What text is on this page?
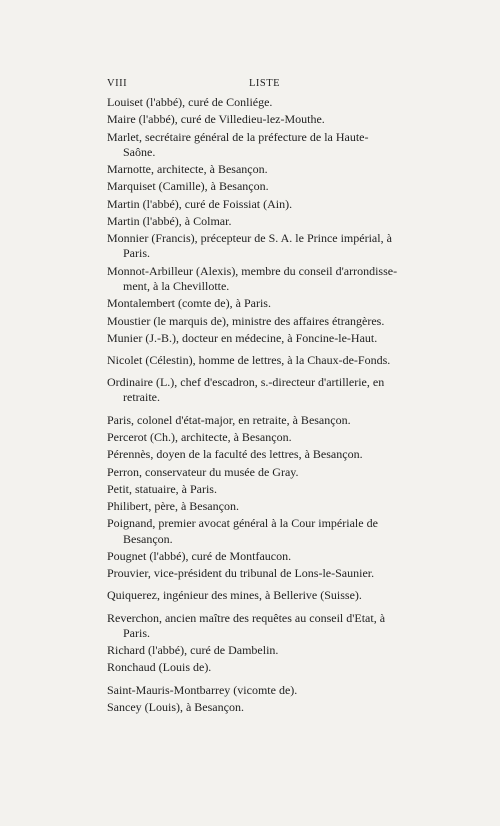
VIII	LISTE
Louiset (l'abbé), curé de Conliége.
Maire (l'abbé), curé de Villedieu-lez-Mouthe.
Marlet, secrétaire général de la préfecture de la Haute-
Saône.
Marnotte, architecte, à Besançon.
Marquiset (Camille), à Besançon.
Martin (l'abbé), curé de Foissiat (Ain).
Martin (l'abbé), à Colmar.
Monnier (Francis), précepteur de S. A. le Prince impérial, à
Paris.
Monnot-Arbilleur (Alexis), membre du conseil d'arrondisse-
ment, à la Chevillotte.
Montalembert (comte de), à Paris.
Moustier (le marquis de), ministre des affaires étrangères.
Munier (J.-B.), docteur en médecine, à Foncine-le-Haut.
Nicolet (Célestin), homme de lettres, à la Chaux-de-Fonds.
Ordinaire (L.), chef d'escadron, s.-directeur d'artillerie, en
retraite.
Paris, colonel d'état-major, en retraite, à Besançon.
Percerot (Ch.), architecte, à Besançon.
Pérennès, doyen de la faculté des lettres, à Besançon.
Perron, conservateur du musée de Gray.
Petit, statuaire, à Paris.
Philibert, père, à Besançon.
Poignand, premier avocat général à la Cour impériale de
Besançon.
Pougnet (l'abbé), curé de Montfaucon.
Prouvier, vice-président du tribunal de Lons-le-Saunier.
Quiquerez, ingénieur des mines, à Bellerive (Suisse).
Reverchon, ancien maître des requêtes au conseil d'Etat, à
Paris.
Richard (l'abbé), curé de Dambelin.
Ronchaud (Louis de).
Saint-Mauris-Montbarrey (vicomte de).
Sancey (Louis), à Besançon.
